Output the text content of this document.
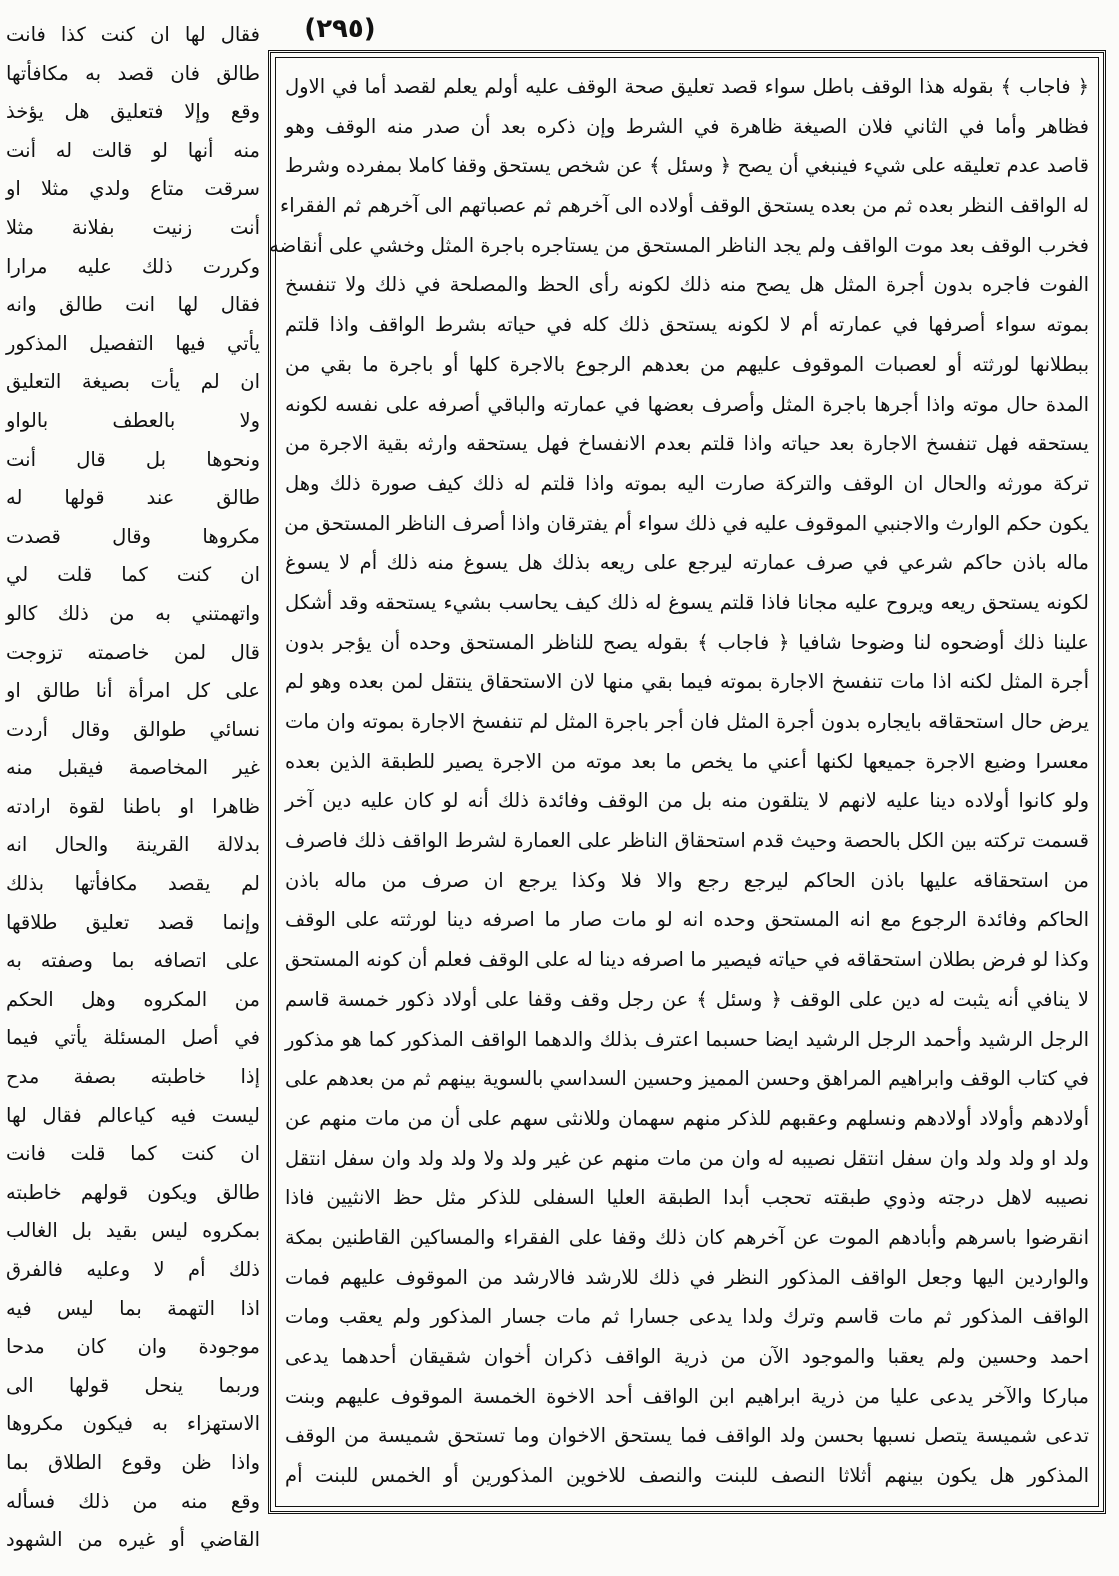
(٢٩٥)
فقال لها ان كنت كذا فانت
طالق فان قصد به مكافأتها
وقع وإلا فتعليق هل يؤخذ
منه أنها لو قالت له أنت
سرقت متاع ولدي مثلا او
أنت زنيت بفلانة مثلا
وكررت ذلك عليه مرارا
فقال لها انت طالق وانه
يأتي فيها التفصيل المذكور
ان لم يأت بصيغة التعليق
ولا بالعطف بالواو
ونحوها بل قال أنت
طالق عند قولها له
مكروها وقال قصدت
ان كنت كما قلت لي
واتهمتني به من ذلك كالو
قال لمن خاصمته تزوجت
على كل امرأة أنا طالق او
نسائي طوالق وقال أردت
غير المخاصمة فيقبل منه
ظاهرا او باطنا لقوة ارادته
بدلالة القرينة والحال انه
لم يقصد مكافأتها بذلك
وإنما قصد تعليق طلاقها
على اتصافه بما وصفته به
من المكروه وهل الحكم
في أصل المسئلة يأتي فيما
إذا خاطبته بصفة مدح
ليست فيه كياعالم فقال لها
ان كنت كما قلت فانت
طالق ويكون قولهم خاطبته
بمكروه ليس بقيد بل الغالب
ذلك أم لا وعليه فالفرق
اذا التهمة بما ليس فيه
موجودة وان كان مدحا
وربما ينحل قولها الى
الاستهزاء به فيكون مكروها
واذا ظن وقوع الطلاق بما
وقع منه من ذلك فسأله
القاضي أو غيره من الشهود
﴿ فاجاب ﴾ بقوله هذا الوقف باطل سواء قصد تعليق صحة الوقف عليه أولم يعلم لقصد أما في الاول
فظاهر وأما في الثاني فلان الصيغة ظاهرة في الشرط وإن ذكره بعد أن صدر منه الوقف وهو
قاصد عدم تعليقه على شيء فينبغي أن يصح ﴿ وسئل ﴾ عن شخص يستحق وقفا كاملا بمفرده وشرط
له الواقف النظر بعده ثم من بعده يستحق الوقف أولاده الى آخرهم ثم عصباتهم الى آخرهم ثم الفقراء
فخرب الوقف بعد موت الواقف ولم يجد الناظر المستحق من يستاجره باجرة المثل وخشي على أنقاضه
الفوت فاجره بدون أجرة المثل هل يصح منه ذلك لكونه رأى الحظ والمصلحة في ذلك ولا تنفسخ
بموته سواء أصرفها في عمارته أم لا لكونه يستحق ذلك كله في حياته بشرط الواقف واذا قلتم
ببطلانها لورثته أو لعصبات الموقوف عليهم من بعدهم الرجوع بالاجرة كلها أو باجرة ما بقي من
المدة حال موته واذا أجرها باجرة المثل وأصرف بعضها في عمارته والباقي أصرفه على نفسه لكونه
يستحقه فهل تنفسخ الاجارة بعد حياته واذا قلتم بعدم الانفساخ فهل يستحقه وارثه بقية الاجرة من
تركة مورثه والحال ان الوقف والتركة صارت اليه بموته واذا قلتم له ذلك كيف صورة ذلك وهل
يكون حكم الوارث والاجنبي الموقوف عليه في ذلك سواء أم يفترقان واذا أصرف الناظر المستحق من
ماله باذن حاكم شرعي في صرف عمارته ليرجع على ريعه بذلك هل يسوغ منه ذلك أم لا يسوغ
لكونه يستحق ريعه ويروح عليه مجانا فاذا قلتم يسوغ له ذلك كيف يحاسب بشيء يستحقه وقد أشكل
علينا ذلك أوضحوه لنا وضوحا شافيا ﴿ فاجاب ﴾ بقوله يصح للناظر المستحق وحده أن يؤجر بدون
أجرة المثل لكنه اذا مات تنفسخ الاجارة بموته فيما بقي منها لان الاستحقاق ينتقل لمن بعده وهو لم
يرض حال استحقاقه بايجاره بدون أجرة المثل فان أجر باجرة المثل لم تنفسخ الاجارة بموته وان مات
معسرا وضيع الاجرة جميعها لكنها أعني ما يخص ما بعد موته من الاجرة يصير للطبقة الذين بعده
ولو كانوا أولاده دينا عليه لانهم لا يتلقون منه بل من الوقف وفائدة ذلك أنه لو كان عليه دين آخر
قسمت تركته بين الكل بالحصة وحيث قدم استحقاق الناظر على العمارة لشرط الواقف ذلك فاصرف
من استحقاقه عليها باذن الحاكم ليرجع رجع والا فلا وكذا يرجع ان صرف من ماله باذن
الحاكم وفائدة الرجوع مع انه المستحق وحده انه لو مات صار ما اصرفه دينا لورثته على الوقف
وكذا لو فرض بطلان استحقاقه في حياته فيصير ما اصرفه دينا له على الوقف فعلم أن كونه المستحق
لا ينافي أنه يثبت له دين على الوقف ﴿ وسئل ﴾ عن رجل وقف وقفا على أولاد ذكور خمسة قاسم
الرجل الرشيد وأحمد الرجل الرشيد ايضا حسبما اعترف بذلك والدهما الواقف المذكور كما هو مذكور
في كتاب الوقف وابراهيم المراهق وحسن المميز وحسين السداسي بالسوية بينهم ثم من بعدهم على
أولادهم وأولاد أولادهم ونسلهم وعقبهم للذكر منهم سهمان وللانثى سهم على أن من مات منهم عن
ولد او ولد ولد وان سفل انتقل نصيبه له وان من مات منهم عن غير ولد ولا ولد ولد وان سفل انتقل
نصيبه لاهل درجته وذوي طبقته تحجب أبدا الطبقة العليا السفلى للذكر مثل حظ الانثيين فاذا
انقرضوا باسرهم وأبادهم الموت عن آخرهم كان ذلك وقفا على الفقراء والمساكين القاطنين بمكة
والواردين اليها وجعل الواقف المذكور النظر في ذلك للارشد فالارشد من الموقوف عليهم فمات
الواقف المذكور ثم مات قاسم وترك ولدا يدعى جسارا ثم مات جسار المذكور ولم يعقب ومات
احمد وحسين ولم يعقبا والموجود الآن من ذرية الواقف ذكران أخوان شقيقان أحدهما يدعى
مباركا والآخر يدعى عليا من ذرية ابراهيم ابن الواقف أحد الاخوة الخمسة الموقوف عليهم وبنت
تدعى شميسة يتصل نسبها بحسن ولد الواقف فما يستحق الاخوان وما تستحق شميسة من الوقف
المذكور هل يكون بينهم أثلاثا النصف للبنت والنصف للاخوين المذكورين أو الخمس للبنت أم
